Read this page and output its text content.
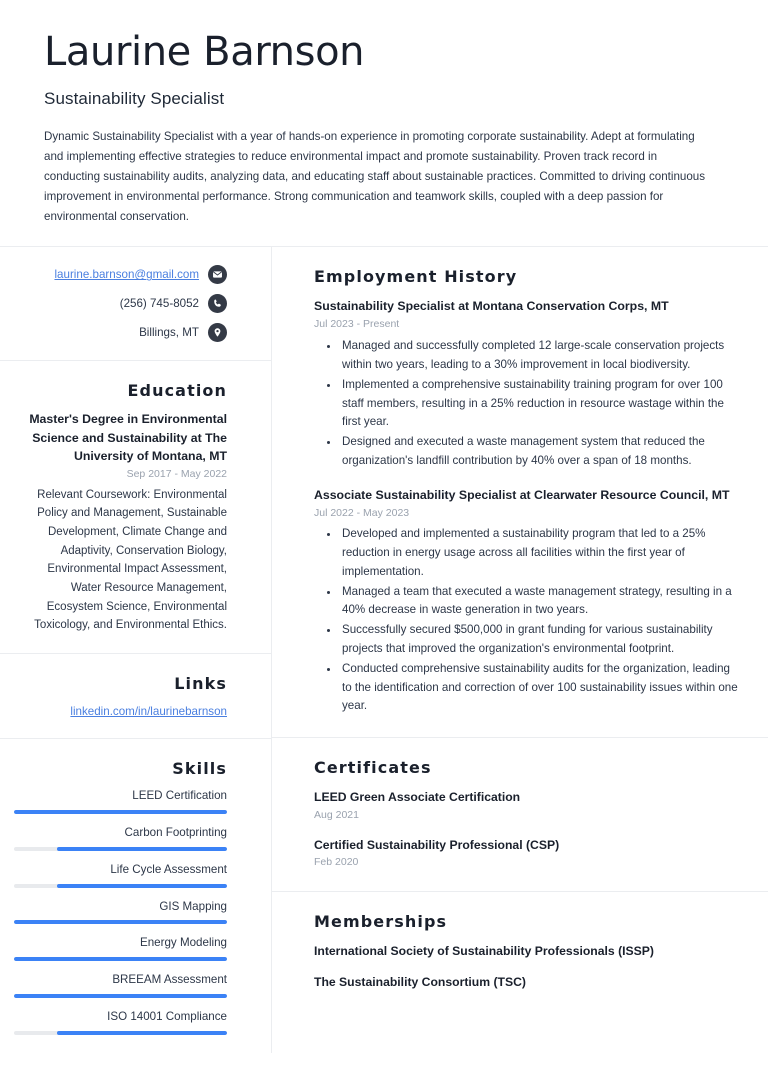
Laurine Barnson
Sustainability Specialist

Dynamic Sustainability Specialist with a year of hands-on experience in promoting corporate sustainability. Adept at formulating and implementing effective strategies to reduce environmental impact and promote sustainability. Proven track record in conducting sustainability audits, analyzing data, and educating staff about sustainable practices. Committed to driving continuous improvement in environmental performance. Strong communication and teamwork skills, coupled with a deep passion for environmental conservation.

laurine.barnson@gmail.com
(256) 745-8052
Billings, MT
Education

Master's Degree in Environmental Science and Sustainability at The University of Montana, MT

Sep 2017 - May 2022

Relevant Coursework: Environmental Policy and Management, Sustainable Development, Climate Change and Adaptivity, Conservation Biology, Environmental Impact Assessment, Water Resource Management, Ecosystem Science, Environmental Toxicology, and Environmental Ethics.

Links
linkedin.com/in/laurinebarnson
Skills
LEED Certification
Carbon Footprinting
Life Cycle Assessment
GIS Mapping
Energy Modeling
BREEAM Assessment
ISO 14001 Compliance
Employment History

Sustainability Specialist at Montana Conservation Corps, MT

Jul 2023 - Present

• Managed and successfully completed 12 large-scale conservation projects within two years, leading to a 30% improvement in local biodiversity.
• Implemented a comprehensive sustainability training program for over 100 staff members, resulting in a 25% reduction in resource wastage within the first year.
• Designed and executed a waste management system that reduced the organization's landfill contribution by 40% over a span of 18 months.

Associate Sustainability Specialist at Clearwater Resource Council, MT

Jul 2022 - May 2023

• Developed and implemented a sustainability program that led to a 25% reduction in energy usage across all facilities within the first year of implementation.
• Managed a team that executed a waste management strategy, resulting in a 40% decrease in waste generation in two years.
• Successfully secured $500,000 in grant funding for various sustainability projects that improved the organization's environmental footprint.
• Conducted comprehensive sustainability audits for the organization, leading to the identification and correction of over 100 sustainability issues within one year.
Certificates

LEED Green Associate Certification

Aug 2021

Certified Sustainability Professional (CSP)

Feb 2020

Memberships

International Society of Sustainability Professionals (ISSP)

The Sustainability Consortium (TSC)
